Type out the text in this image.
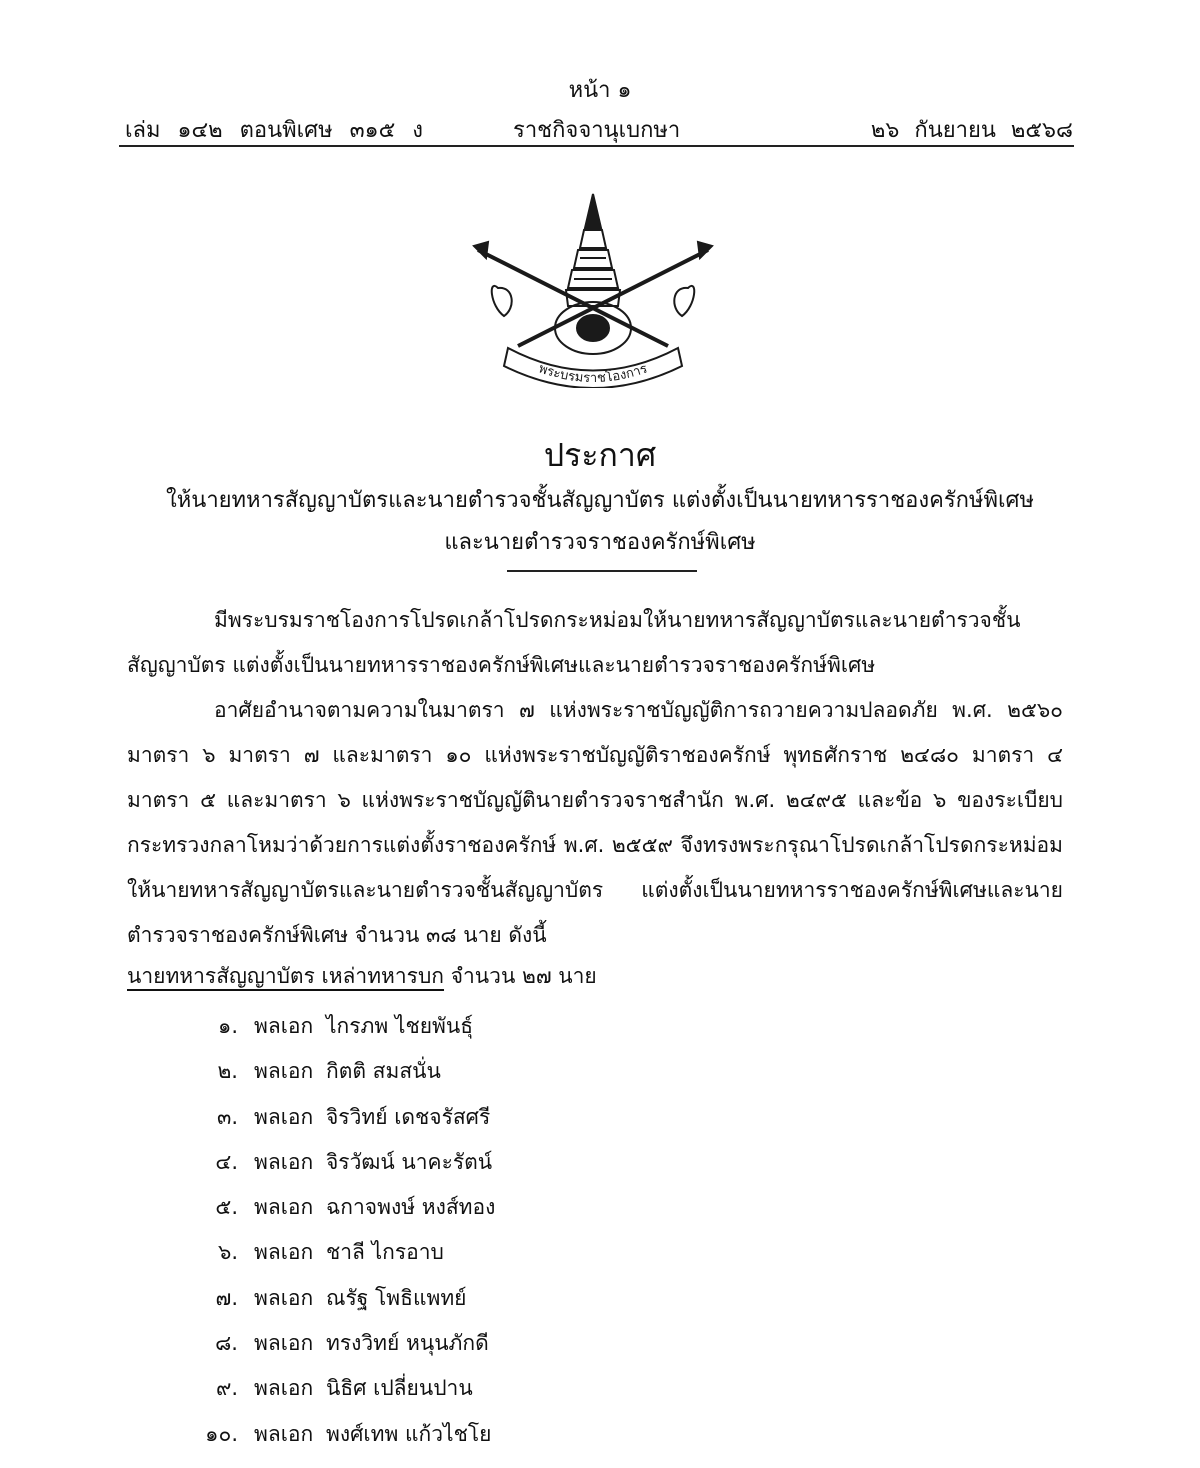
หน้า ๑
เล่ม ๑๔๒ ตอนพิเศษ ๓๑๕ ง	ราชกิจจานุเบกษา	๒๖ กันยายน ๒๕๖๘
พระบรมราชโองการ
ประกาศ
ให้นายทหารสัญญาบัตรและนายตำรวจชั้นสัญญาบัตร แต่งตั้งเป็นนายทหารราชองครักษ์พิเศษ
และนายตำรวจราชองครักษ์พิเศษ

มีพระบรมราชโองการโปรดเกล้าโปรดกระหม่อมให้นายทหารสัญญาบัตรและนายตำรวจชั้นสัญญาบัตร แต่งตั้งเป็นนายทหารราชองครักษ์พิเศษและนายตำรวจราชองครักษ์พิเศษ

อาศัยอำนาจตามความในมาตรา ๗ แห่งพระราชบัญญัติการถวายความปลอดภัย พ.ศ. ๒๕๖๐ มาตรา ๖ มาตรา ๗ และมาตรา ๑๐ แห่งพระราชบัญญัติราชองครักษ์ พุทธศักราช ๒๔๘๐ มาตรา ๔ มาตรา ๕ และมาตรา ๖ แห่งพระราชบัญญัตินายตำรวจราชสำนัก พ.ศ. ๒๔๙๕ และข้อ ๖ ของระเบียบกระทรวงกลาโหมว่าด้วยการแต่งตั้งราชองครักษ์ พ.ศ. ๒๕๕๙ จึงทรงพระกรุณาโปรดเกล้าโปรดกระหม่อมให้นายทหารสัญญาบัตรและนายตำรวจชั้นสัญญาบัตร แต่งตั้งเป็นนายทหารราชองครักษ์พิเศษและนายตำรวจราชองครักษ์พิเศษ จำนวน ๓๘ นาย ดังนี้

นายทหารสัญญาบัตร เหล่าทหารบก จำนวน ๒๗ นาย
๑. พลเอก ไกรภพ ไชยพันธุ์
๒. พลเอก กิตติ สมสนั่น
๓. พลเอก จิรวิทย์ เดชจรัสศรี
๔. พลเอก จิรวัฒน์ นาคะรัตน์
๕. พลเอก ฉกาจพงษ์ หงส์ทอง
๖. พลเอก ชาลี ไกรอาบ
๗. พลเอก ณรัฐ โพธิแพทย์
๘. พลเอก ทรงวิทย์ หนุนภักดี
๙. พลเอก นิธิศ เปลี่ยนปาน
๑๐. พลเอก พงศ์เทพ แก้วไชโย
